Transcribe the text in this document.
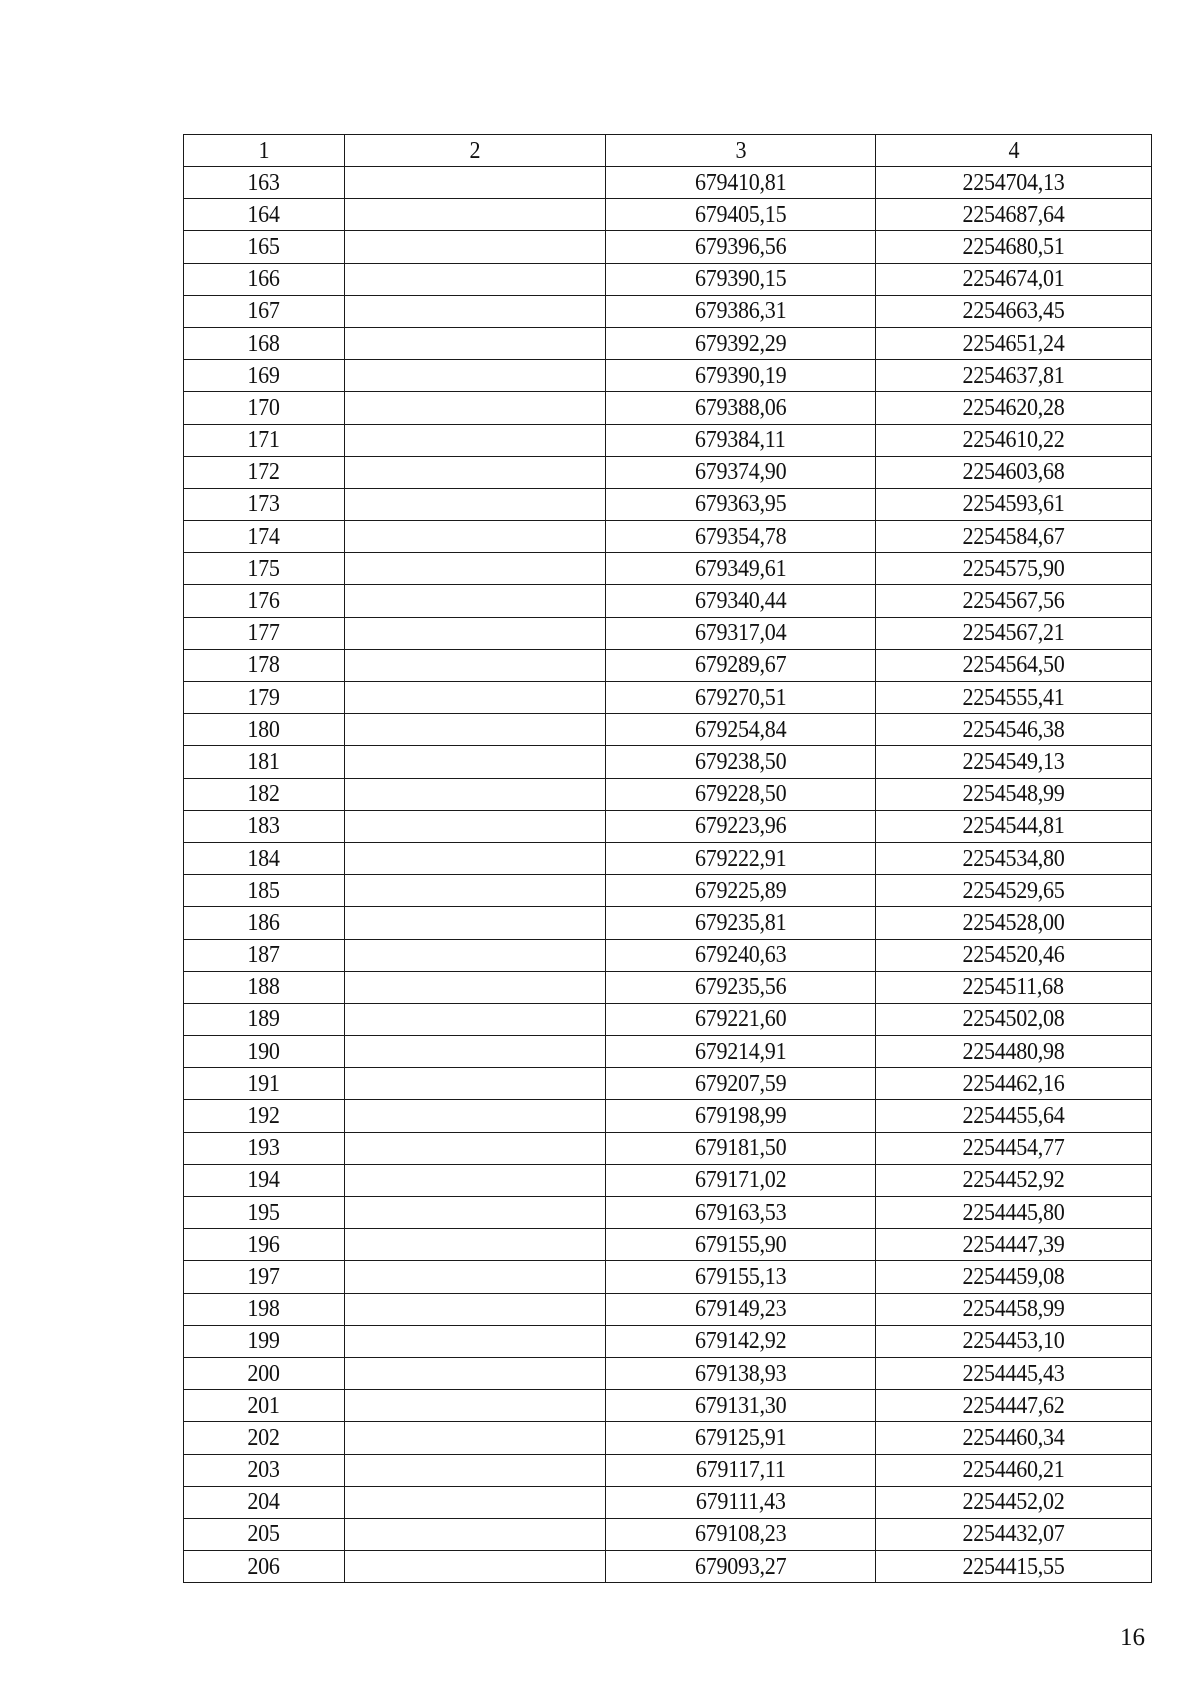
1	2	3	4
163		679410,81	2254704,13
164		679405,15	2254687,64
165		679396,56	2254680,51
166		679390,15	2254674,01
167		679386,31	2254663,45
168		679392,29	2254651,24
169		679390,19	2254637,81
170		679388,06	2254620,28
171		679384,11	2254610,22
172		679374,90	2254603,68
173		679363,95	2254593,61
174		679354,78	2254584,67
175		679349,61	2254575,90
176		679340,44	2254567,56
177		679317,04	2254567,21
178		679289,67	2254564,50
179		679270,51	2254555,41
180		679254,84	2254546,38
181		679238,50	2254549,13
182		679228,50	2254548,99
183		679223,96	2254544,81
184		679222,91	2254534,80
185		679225,89	2254529,65
186		679235,81	2254528,00
187		679240,63	2254520,46
188		679235,56	2254511,68
189		679221,60	2254502,08
190		679214,91	2254480,98
191		679207,59	2254462,16
192		679198,99	2254455,64
193		679181,50	2254454,77
194		679171,02	2254452,92
195		679163,53	2254445,80
196		679155,90	2254447,39
197		679155,13	2254459,08
198		679149,23	2254458,99
199		679142,92	2254453,10
200		679138,93	2254445,43
201		679131,30	2254447,62
202		679125,91	2254460,34
203		679117,11	2254460,21
204		679111,43	2254452,02
205		679108,23	2254432,07
206		679093,27	2254415,55
16
